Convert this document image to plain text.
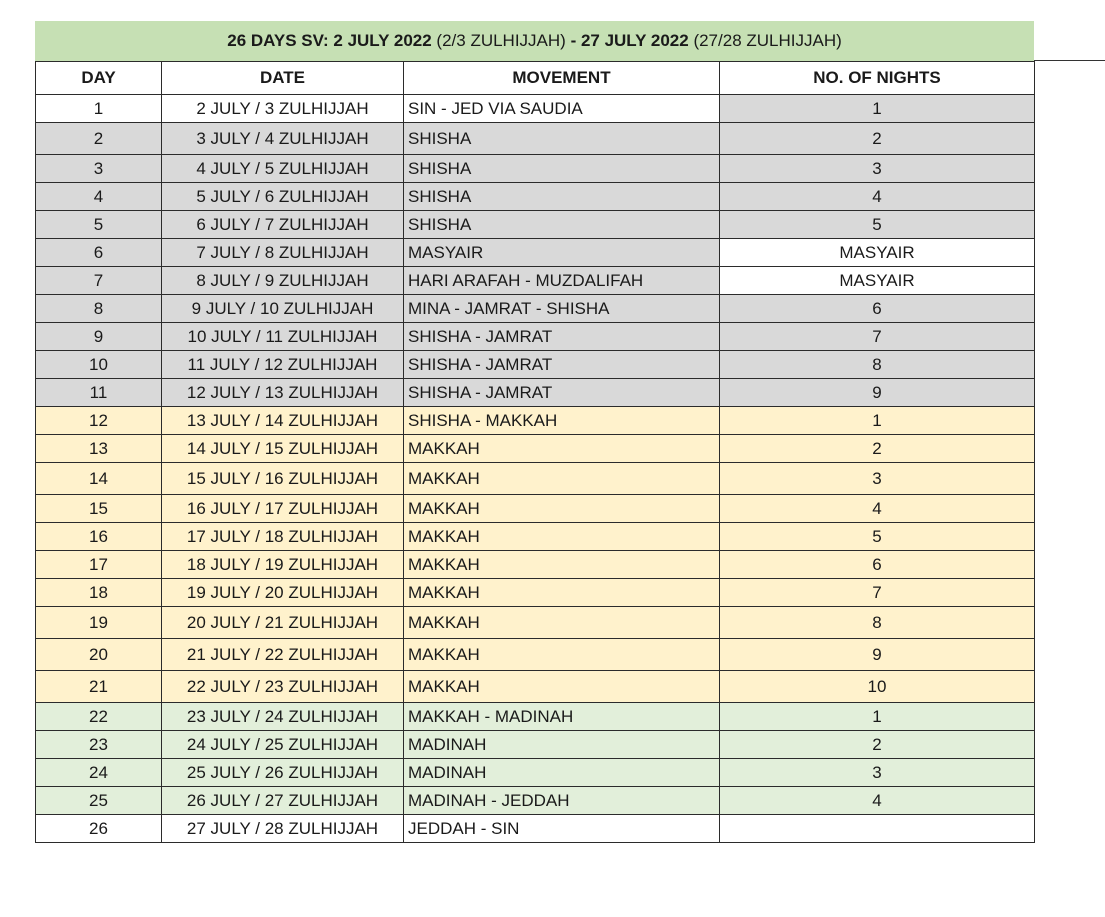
26 DAYS SV: 2 JULY 2022 (2/3 ZULHIJJAH) - 27 JULY 2022 (27/28 ZULHIJJAH)
DAY	DATE	MOVEMENT	NO. OF NIGHTS
1	2 JULY / 3 ZULHIJJAH	SIN - JED VIA SAUDIA	1
2	3 JULY / 4 ZULHIJJAH	SHISHA	2
3	4 JULY / 5 ZULHIJJAH	SHISHA	3
4	5 JULY / 6 ZULHIJJAH	SHISHA	4
5	6 JULY / 7 ZULHIJJAH	SHISHA	5
6	7 JULY / 8 ZULHIJJAH	MASYAIR	MASYAIR
7	8 JULY / 9 ZULHIJJAH	HARI ARAFAH - MUZDALIFAH	MASYAIR
8	9 JULY / 10 ZULHIJJAH	MINA - JAMRAT - SHISHA	6
9	10 JULY / 11 ZULHIJJAH	SHISHA - JAMRAT	7
10	11 JULY / 12 ZULHIJJAH	SHISHA - JAMRAT	8
11	12 JULY / 13 ZULHIJJAH	SHISHA - JAMRAT	9
12	13 JULY / 14 ZULHIJJAH	SHISHA - MAKKAH	1
13	14 JULY / 15 ZULHIJJAH	MAKKAH	2
14	15 JULY / 16 ZULHIJJAH	MAKKAH	3
15	16 JULY / 17 ZULHIJJAH	MAKKAH	4
16	17 JULY / 18 ZULHIJJAH	MAKKAH	5
17	18 JULY / 19 ZULHIJJAH	MAKKAH	6
18	19 JULY / 20 ZULHIJJAH	MAKKAH	7
19	20 JULY / 21 ZULHIJJAH	MAKKAH	8
20	21 JULY / 22 ZULHIJJAH	MAKKAH	9
21	22 JULY / 23 ZULHIJJAH	MAKKAH	10
22	23 JULY / 24 ZULHIJJAH	MAKKAH - MADINAH	1
23	24 JULY / 25 ZULHIJJAH	MADINAH	2
24	25 JULY / 26 ZULHIJJAH	MADINAH	3
25	26 JULY / 27 ZULHIJJAH	MADINAH - JEDDAH	4
26	27 JULY / 28 ZULHIJJAH	JEDDAH - SIN	
